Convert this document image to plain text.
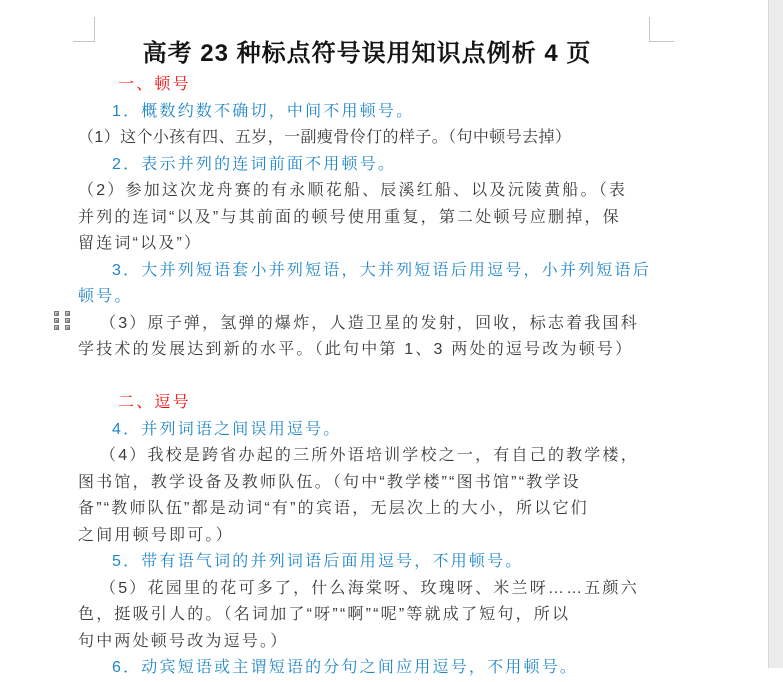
高考 23 种标点符号误用知识点例析 4 页
一、顿号
1．概数约数不确切，中间不用顿号。
（1）这个小孩有四、五岁，一副瘦骨伶仃的样子。（句中顿号去掉）
2．表示并列的连词前面不用顿号。
（2）参加这次龙舟赛的有永顺花船、辰溪红船、以及沅陵黄船。（表
并列的连词“以及”与其前面的顿号使用重复，第二处顿号应删掉，保
留连词“以及”）
3．大并列短语套小并列短语，大并列短语后用逗号，小并列短语后
顿号。
（3）原子弹，氢弹的爆炸，人造卫星的发射，回收，标志着我国科
学技术的发展达到新的水平。（此句中第 1、3 两处的逗号改为顿号）
二、逗号
4．并列词语之间误用逗号。
（4）我校是跨省办起的三所外语培训学校之一，有自己的教学楼，
图书馆，教学设备及教师队伍。（句中“教学楼”“图书馆”“教学设
备”“教师队伍”都是动词“有”的宾语，无层次上的大小，所以它们
之间用顿号即可。）
5．带有语气词的并列词语后面用逗号，不用顿号。
（5）花园里的花可多了，什么海棠呀、玫瑰呀、米兰呀……五颜六
色，挺吸引人的。（名词加了“呀”“啊”“呢”等就成了短句，所以
句中两处顿号改为逗号。）
6．动宾短语或主谓短语的分句之间应用逗号，不用顿号。
